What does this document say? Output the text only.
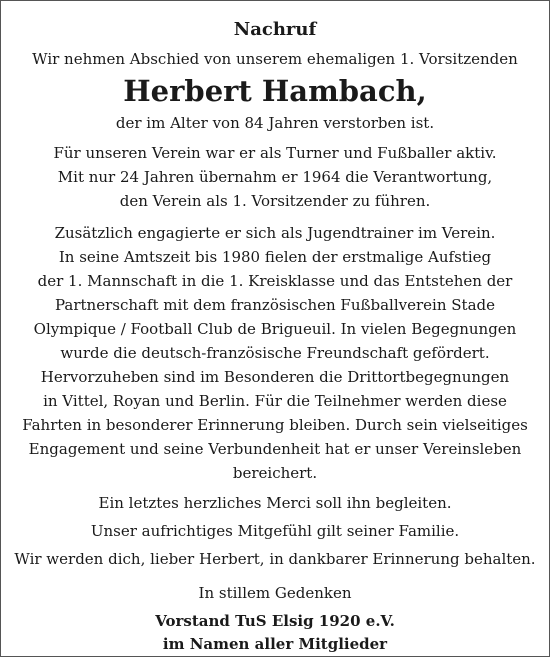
Nachruf
Wir nehmen Abschied von unserem ehemaligen 1. Vorsitzenden
Herbert Hambach,
der im Alter von 84 Jahren verstorben ist.

Für unseren Verein war er als Turner und Fußballer aktiv.

Mit nur 24 Jahren übernahm er 1964 die Verantwortung,

den Verein als 1. Vorsitzender zu führen.

Zusätzlich engagierte er sich als Jugendtrainer im Verein.

In seine Amtszeit bis 1980 fielen der erstmalige Aufstieg

der 1. Mannschaft in die 1. Kreisklasse und das Entstehen der

Partnerschaft mit dem französischen Fußballverein Stade

Olympique / Football Club de Brigueuil. In vielen Begegnungen

wurde die deutsch-französische Freundschaft gefördert.

Hervorzuheben sind im Besonderen die Drittortbegegnungen

in Vittel, Royan und Berlin. Für die Teilnehmer werden diese

Fahrten in besonderer Erinnerung bleiben. Durch sein vielseitiges

Engagement und seine Verbundenheit hat er unser Vereinsleben

bereichert.

Ein letztes herzliches Merci soll ihn begleiten.
Unser aufrichtiges Mitgefühl gilt seiner Familie.
Wir werden dich, lieber Herbert, in dankbarer Erinnerung behalten.
In stillem Gedenken

Vorstand TuS Elsig 1920 e.V.

im Namen aller Mitglieder
